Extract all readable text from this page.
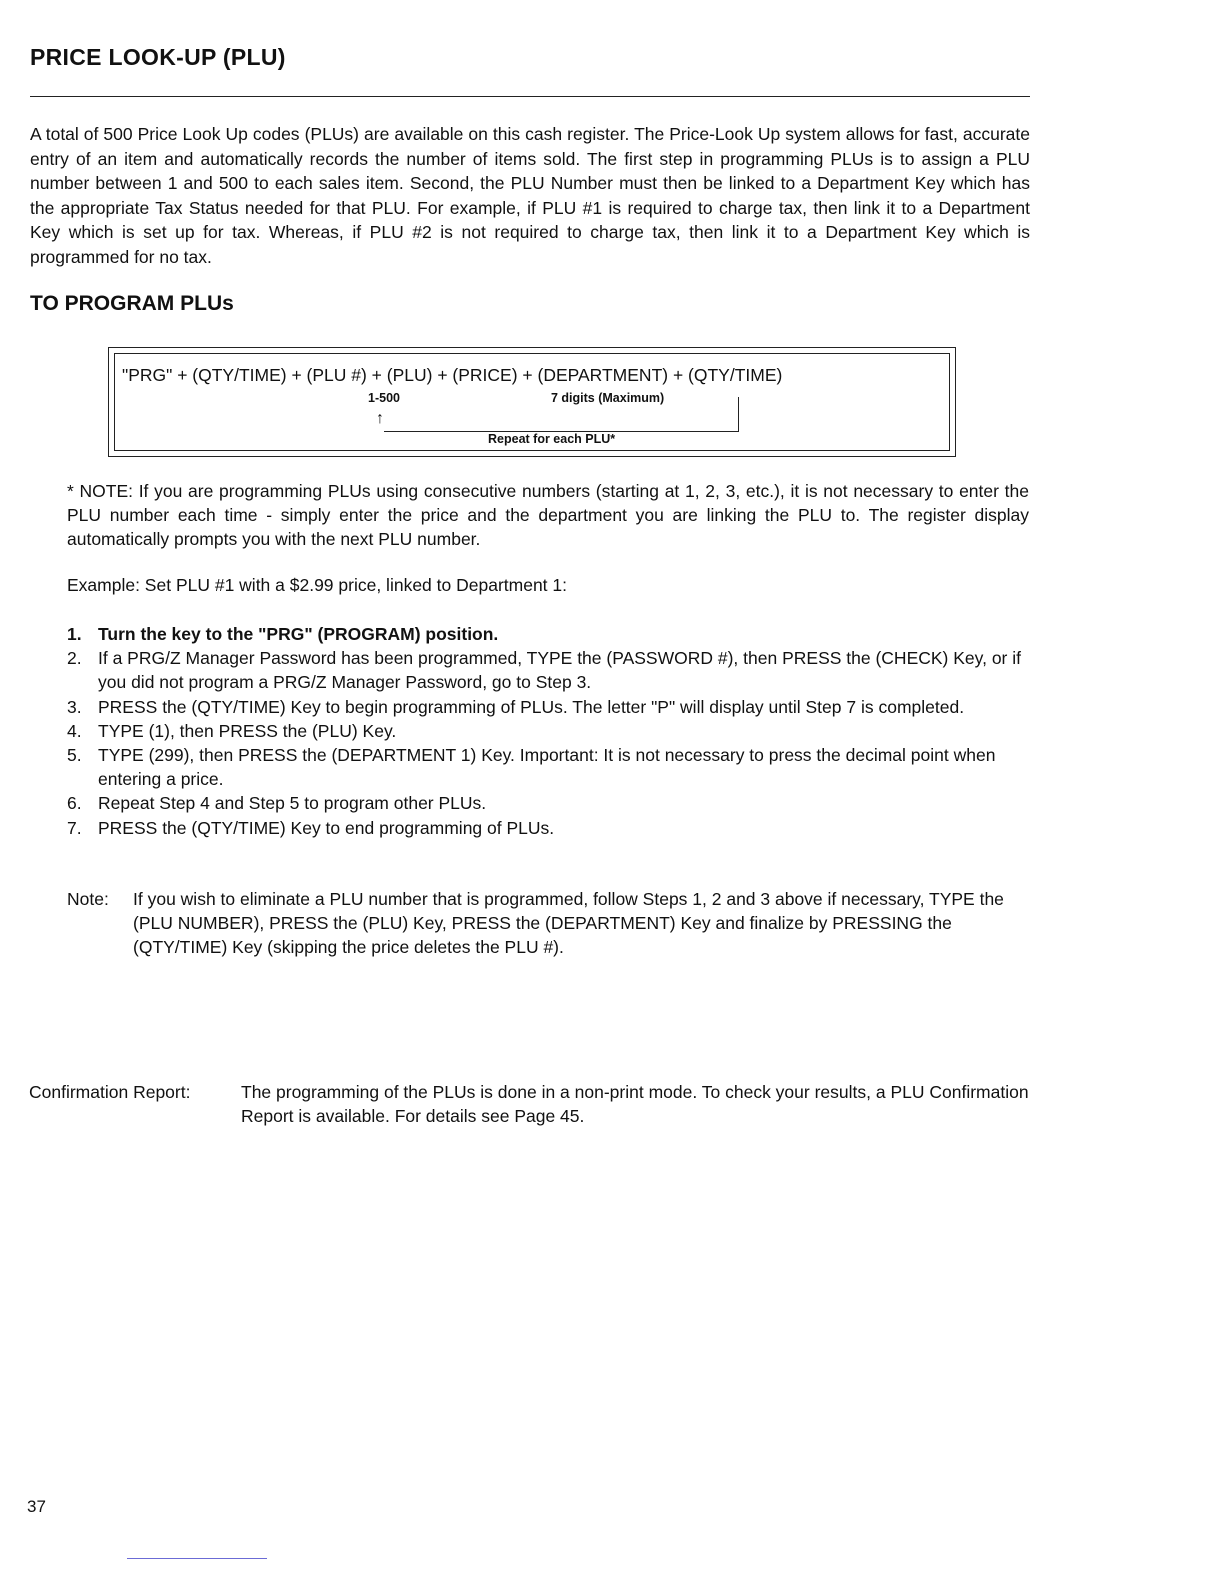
PRICE LOOK-UP (PLU)
A total of 500 Price Look Up codes (PLUs) are available on this cash register. The Price-Look Up system allows for fast, accurate entry of an item and automatically records the number of items sold. The first step in programming PLUs is to assign a PLU number between 1 and 500 to each sales item. Second, the PLU Number must then be linked to a Department Key which has the appropriate Tax Status needed for that PLU. For example, if PLU #1 is required to charge tax, then link it to a Department Key which is set up for tax. Whereas, if PLU #2 is not required to charge tax, then link it to a Department Key which is programmed for no tax.
TO PROGRAM PLUs
"PRG" + (QTY/TIME) + (PLU #) + (PLU) + (PRICE) + (DEPARTMENT) + (QTY/TIME)
1-500	7 digits (Maximum)
↑
Repeat for each PLU*
* NOTE: If you are programming PLUs using consecutive numbers (starting at 1, 2, 3, etc.), it is not necessary to enter the PLU number each time - simply enter the price and the department you are linking the PLU to. The register display automatically prompts you with the next PLU number.
Example: Set PLU #1 with a $2.99 price, linked to Department 1:
1. Turn the key to the "PRG" (PROGRAM) position.
2. If a PRG/Z Manager Password has been programmed, TYPE the (PASSWORD #), then PRESS the (CHECK) Key, or if you did not program a PRG/Z Manager Password, go to Step 3.
3. PRESS the (QTY/TIME) Key to begin programming of PLUs. The letter "P" will display until Step 7 is completed.
4. TYPE (1), then PRESS the (PLU) Key.
5. TYPE (299), then PRESS the (DEPARTMENT 1) Key. Important: It is not necessary to press the decimal point when entering a price.
6. Repeat Step 4 and Step 5 to program other PLUs.
7. PRESS the (QTY/TIME) Key to end programming of PLUs.
Note: If you wish to eliminate a PLU number that is programmed, follow Steps 1, 2 and 3 above if necessary, TYPE the (PLU NUMBER), PRESS the (PLU) Key, PRESS the (DEPARTMENT) Key and finalize by PRESSING the (QTY/TIME) Key (skipping the price deletes the PLU #).
Confirmation Report:	The programming of the PLUs is done in a non-print mode. To check your results, a PLU Confirmation Report is available. For details see Page 45.
37
